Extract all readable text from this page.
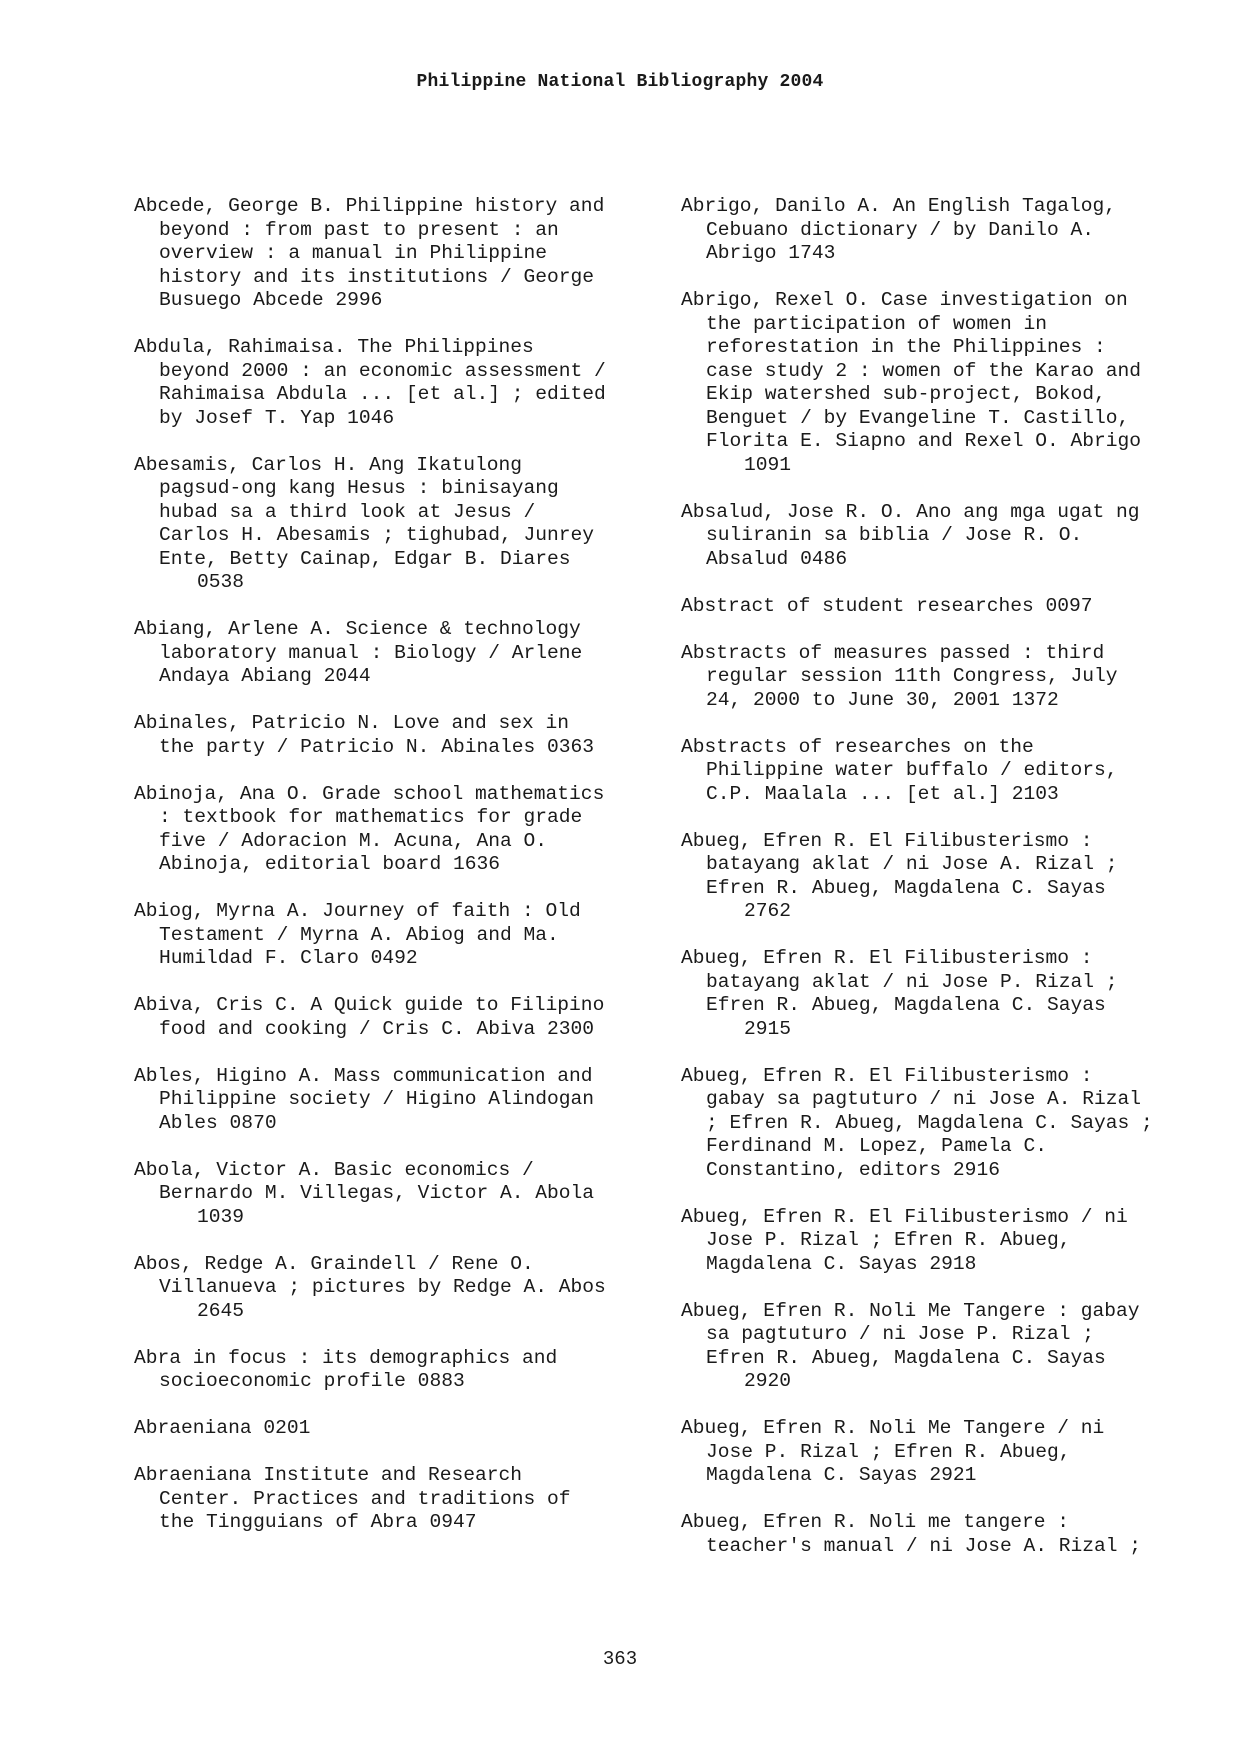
Philippine National Bibliography 2004
Abcede, George B. Philippine history and
beyond : from past to present : an
overview : a manual in Philippine
history and its institutions / George
Busuego Abcede 2996
Abdula, Rahimaisa. The Philippines
beyond 2000 : an economic assessment /
Rahimaisa Abdula ... [et al.] ; edited
by Josef T. Yap 1046
Abesamis, Carlos H. Ang Ikatulong
pagsud-ong kang Hesus : binisayang
hubad sa a third look at Jesus /
Carlos H. Abesamis ; tighubad, Junrey
Ente, Betty Cainap, Edgar B. Diares
0538
Abiang, Arlene A. Science & technology
laboratory manual : Biology / Arlene
Andaya Abiang 2044
Abinales, Patricio N. Love and sex in
the party / Patricio N. Abinales 0363
Abinoja, Ana O. Grade school mathematics
: textbook for mathematics for grade
five / Adoracion M. Acuna, Ana O.
Abinoja, editorial board 1636
Abiog, Myrna A. Journey of faith : Old
Testament / Myrna A. Abiog and Ma.
Humildad F. Claro 0492
Abiva, Cris C. A Quick guide to Filipino
food and cooking / Cris C. Abiva 2300
Ables, Higino A. Mass communication and
Philippine society / Higino Alindogan
Ables 0870
Abola, Victor A. Basic economics /
Bernardo M. Villegas, Victor A. Abola
1039
Abos, Redge A. Graindell / Rene O.
Villanueva ; pictures by Redge A. Abos
2645
Abra in focus : its demographics and
socioeconomic profile 0883
Abraeniana 0201
Abraeniana Institute and Research
Center. Practices and traditions of
the Tingguians of Abra 0947
Abrigo, Danilo A. An English Tagalog,
Cebuano dictionary / by Danilo A.
Abrigo 1743
Abrigo, Rexel O. Case investigation on
the participation of women in
reforestation in the Philippines :
case study 2 : women of the Karao and
Ekip watershed sub-project, Bokod,
Benguet / by Evangeline T. Castillo,
Florita E. Siapno and Rexel O. Abrigo
1091
Absalud, Jose R. O. Ano ang mga ugat ng
suliranin sa biblia / Jose R. O.
Absalud 0486
Abstract of student researches 0097
Abstracts of measures passed : third
regular session 11th Congress, July
24, 2000 to June 30, 2001 1372
Abstracts of researches on the
Philippine water buffalo / editors,
C.P. Maalala ... [et al.] 2103
Abueg, Efren R. El Filibusterismo :
batayang aklat / ni Jose A. Rizal ;
Efren R. Abueg, Magdalena C. Sayas
2762
Abueg, Efren R. El Filibusterismo :
batayang aklat / ni Jose P. Rizal ;
Efren R. Abueg, Magdalena C. Sayas
2915
Abueg, Efren R. El Filibusterismo :
gabay sa pagtuturo / ni Jose A. Rizal
; Efren R. Abueg, Magdalena C. Sayas ;
Ferdinand M. Lopez, Pamela C.
Constantino, editors 2916
Abueg, Efren R. El Filibusterismo / ni
Jose P. Rizal ; Efren R. Abueg,
Magdalena C. Sayas 2918
Abueg, Efren R. Noli Me Tangere : gabay
sa pagtuturo / ni Jose P. Rizal ;
Efren R. Abueg, Magdalena C. Sayas
2920
Abueg, Efren R. Noli Me Tangere / ni
Jose P. Rizal ; Efren R. Abueg,
Magdalena C. Sayas 2921
Abueg, Efren R. Noli me tangere :
teacher's manual / ni Jose A. Rizal ;
363
